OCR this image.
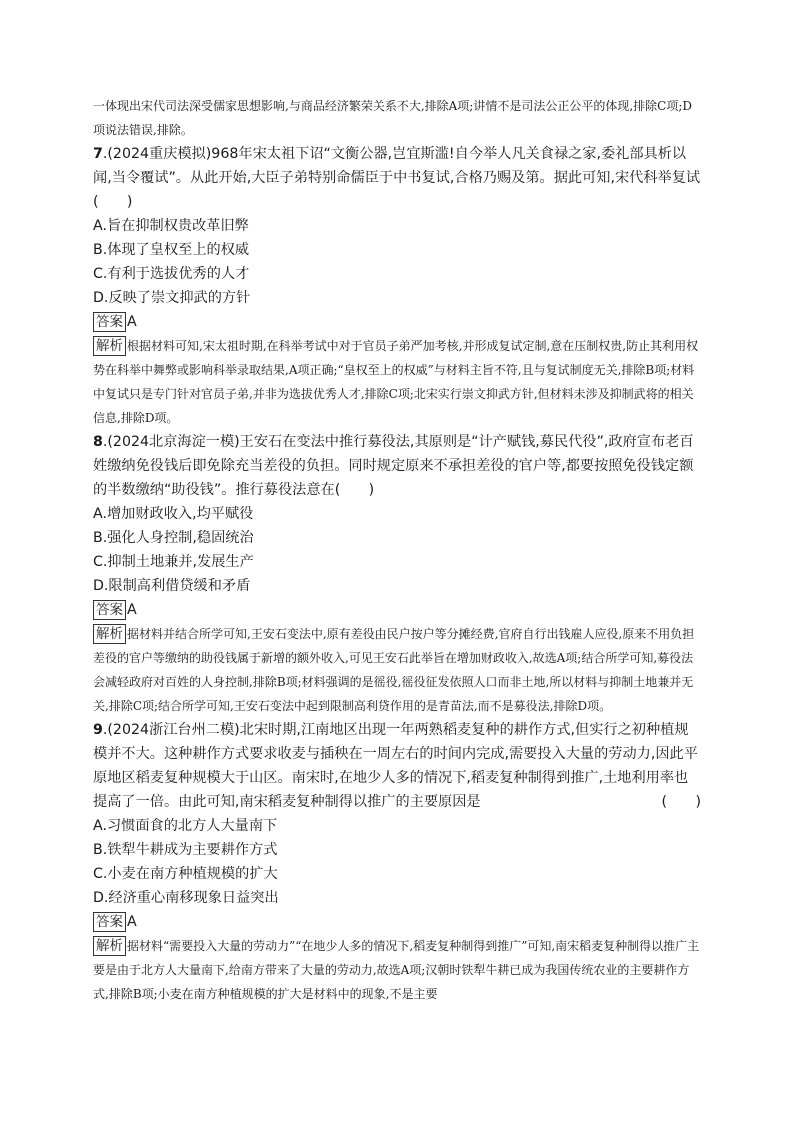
一体现出宋代司法深受儒家思想影响,与商品经济繁荣关系不大,排除A项;讲情不是司法公正公平的体现,排除C项;D项说法错误,排除。

7.(2024重庆模拟)968年宋太祖下诏“文衡公器,岂宜斯滥!自今举人凡关食禄之家,委礼部具析以闻,当令覆试”。从此开始,大臣子弟特别命儒臣于中书复试,合格乃赐及第。据此可知,宋代科举复试(　　)

A.旨在抑制权贵改革旧弊

B.体现了皇权至上的权威

C.有利于选拔优秀的人才

D.反映了崇文抑武的方针

答案 A

解析 根据材料可知,宋太祖时期,在科举考试中对于官员子弟严加考核,并形成复试定制,意在压制权贵,防止其利用权势在科举中舞弊或影响科举录取结果,A项正确;“皇权至上的权威”与材料主旨不符,且与复试制度无关,排除B项;材料中复试只是专门针对官员子弟,并非为选拔优秀人才,排除C项;北宋实行崇文抑武方针,但材料未涉及抑制武将的相关信息,排除D项。

8.(2024北京海淀一模)王安石在变法中推行募役法,其原则是“计产赋钱,募民代役”,政府宣布老百姓缴纳免役钱后即免除充当差役的负担。同时规定原来不承担差役的官户等,都要按照免役钱定额的半数缴纳“助役钱”。推行募役法意在(　　)

A.增加财政收入,均平赋役

B.强化人身控制,稳固统治

C.抑制土地兼并,发展生产

D.限制高利借贷缓和矛盾

答案 A

解析 据材料并结合所学可知,王安石变法中,原有差役由民户按户等分摊经费,官府自行出钱雇人应役,原来不用负担差役的官户等缴纳的助役钱属于新增的额外收入,可见王安石此举旨在增加财政收入,故选A项;结合所学可知,募役法会减轻政府对百姓的人身控制,排除B项;材料强调的是徭役,徭役征发依照人口而非土地,所以材料与抑制土地兼并无关,排除C项;结合所学可知,王安石变法中起到限制高利贷作用的是青苗法,而不是募役法,排除D项。

9.(2024浙江台州二模)北宋时期,江南地区出现一年两熟稻麦复种的耕作方式,但实行之初种植规模并不大。这种耕作方式要求收麦与插秧在一周左右的时间内完成,需要投入大量的劳动力,因此平原地区稻麦复种规模大于山区。南宋时,在地少人多的情况下,稻麦复种制得到推广,土地利用率也提高了一倍。由此可知,南宋稻麦复种制得以推广的主要原因是	(　　)

A.习惯面食的北方人大量南下

B.铁犁牛耕成为主要耕作方式

C.小麦在南方种植规模的扩大

D.经济重心南移现象日益突出

答案 A

解析 据材料“需要投入大量的劳动力”“在地少人多的情况下,稻麦复种制得到推广”可知,南宋稻麦复种制得以推广主要是由于北方人大量南下,给南方带来了大量的劳动力,故选A项;汉朝时铁犁牛耕已成为我国传统农业的主要耕作方式,排除B项;小麦在南方种植规模的扩大是材料中的现象,不是主要
